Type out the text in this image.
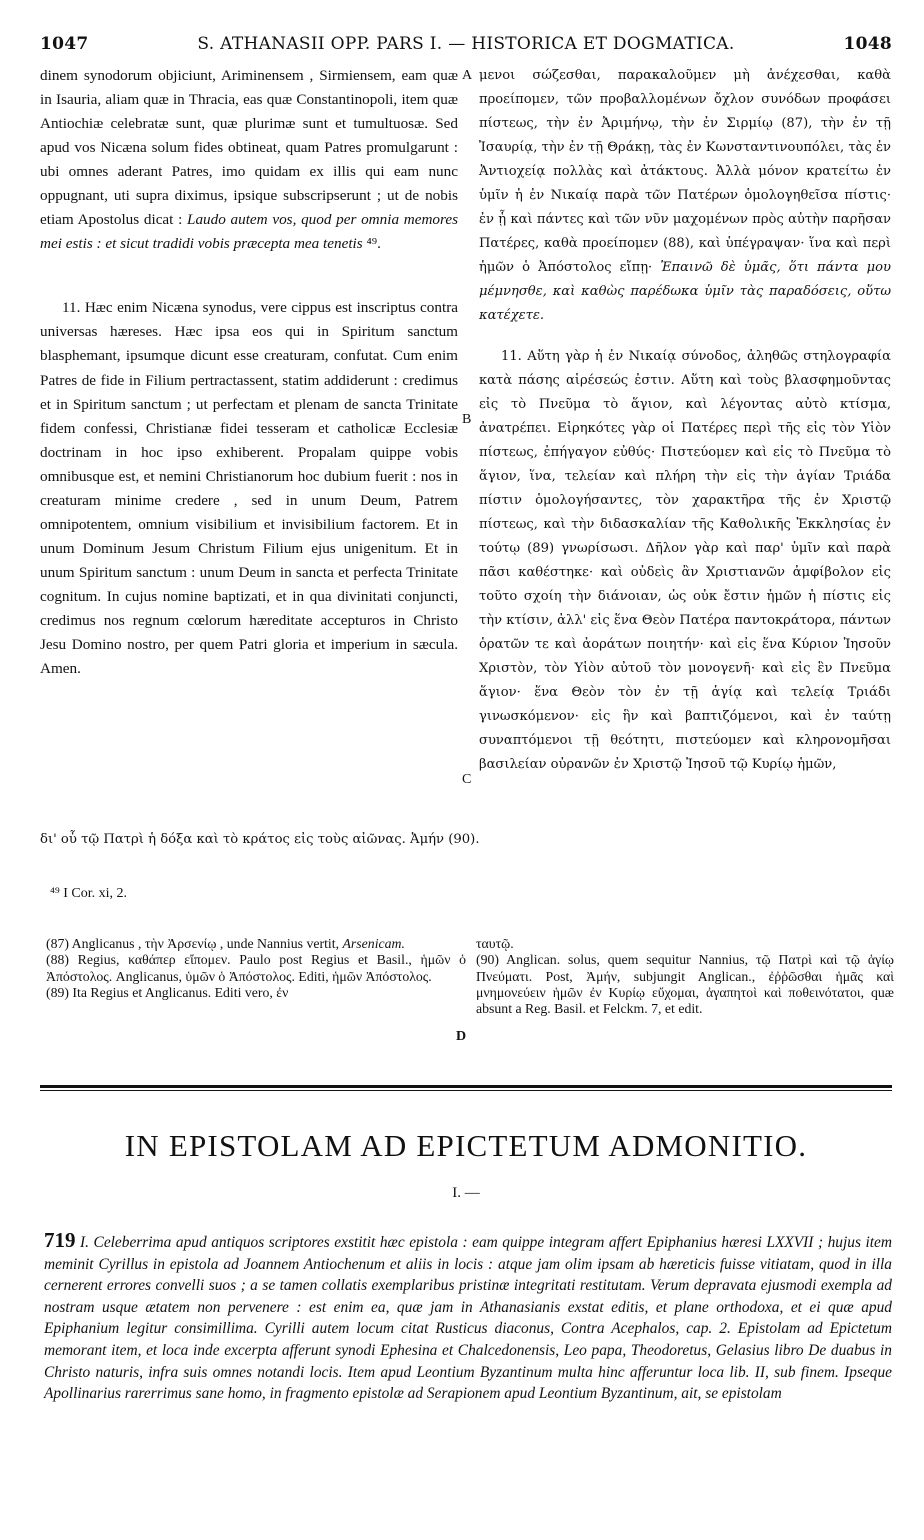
1047	S. ATHANASII OPP. PARS I. — HISTORICA ET DOGMATICA.	1048

dinem synodorum objiciunt, Ariminensem , Sirmiensem, eam quæ in Isauria, aliam quæ in Thracia, eas quæ Constantinopoli, item quæ Antiochiæ celebratæ sunt, quæ plurimæ sunt et tumultuosæ. Sed apud vos Nicæna solum fides obtineat, quam Patres promulgarunt : ubi omnes aderant Patres, imo quidam ex illis qui eam nunc oppugnant, uti supra diximus, ipsique subscripserunt ; ut de nobis etiam Apostolus dicat : Laudo autem vos, quod per omnia memores mei estis : et sicut tradidi vobis præcepta mea tenetis ⁴⁹.

11. Hæc enim Nicæna synodus, vere cippus est inscriptus contra universas hæreses. Hæc ipsa eos qui in Spiritum sanctum blasphemant, ipsumque dicunt esse creaturam, confutat. Cum enim Patres de fide in Filium pertractassent, statim addiderunt : credimus et in Spiritum sanctum ; ut perfectam et plenam de sancta Trinitate fidem confessi, Christianæ fidei tesseram et catholicæ Ecclesiæ doctrinam in hoc ipso exhiberent. Propalam quippe vobis omnibusque est, et nemini Christianorum hoc dubium fuerit : nos in creaturam minime credere , sed in unum Deum, Patrem omnipotentem, omnium visibilium et invisibilium factorem. Et in unum Dominum Jesum Christum Filium ejus unigenitum. Et in unum Spiritum sanctum : unum Deum in sancta et perfecta Trinitate cognitum. In cujus nomine baptizati, et in qua divinitati conjuncti, credimus nos regnum cœlorum hæreditate accepturos in Christo Jesu Domino nostro, per quem Patri gloria et imperium in sæcula. Amen.

μενοι σώζεσθαι, παρακαλοῦμεν μὴ ἀνέχεσθαι, καθὰ προείπομεν, τῶν προβαλλομένων ὄχλον συνόδων προφάσει πίστεως, τὴν ἐν Ἀριμήνῳ, τὴν ἐν Σιρμίῳ (87), τὴν ἐν τῇ Ἰσαυρίᾳ, τὴν ἐν τῇ Θράκῃ, τὰς ἐν Κωνσταντινουπόλει, τὰς ἐν Ἀντιοχείᾳ πολλὰς καὶ ἀτάκτους. Ἀλλὰ μόνον κρατείτω ἐν ὑμῖν ἡ ἐν Νικαίᾳ παρὰ τῶν Πατέρων ὁμολογηθεῖσα πίστις· ἐν ᾗ καὶ πάντες καὶ τῶν νῦν μαχομένων πρὸς αὐτὴν παρῆσαν Πατέρες, καθὰ προείπομεν (88), καὶ ὑπέγραψαν· ἵνα καὶ περὶ ἡμῶν ὁ Ἀπόστολος εἴπῃ· Ἐπαινῶ δὲ ὑμᾶς, ὅτι πάντα μου μέμνησθε, καὶ καθὼς παρέδωκα ὑμῖν τὰς παραδόσεις, οὕτω κατέχετε.

11. Αὕτη γὰρ ἡ ἐν Νικαίᾳ σύνοδος, ἀληθῶς στηλογραφία κατὰ πάσης αἱρέσεώς ἐστιν. Αὕτη καὶ τοὺς βλασφημοῦντας εἰς τὸ Πνεῦμα τὸ ἅγιον, καὶ λέγοντας αὐτὸ κτίσμα, ἀνατρέπει. Εἰρηκότες γὰρ οἱ Πατέρες περὶ τῆς εἰς τὸν Υἱὸν πίστεως, ἐπήγαγον εὐθύς· Πιστεύομεν καὶ εἰς τὸ Πνεῦμα τὸ ἅγιον, ἵνα, τελείαν καὶ πλήρη τὴν εἰς τὴν ἁγίαν Τριάδα πίστιν ὁμολογήσαντες, τὸν χαρακτῆρα τῆς ἐν Χριστῷ πίστεως, καὶ τὴν διδασκαλίαν τῆς Καθολικῆς Ἐκκλησίας ἐν τούτῳ (89) γνωρίσωσι. Δῆλον γὰρ καὶ παρ' ὑμῖν καὶ παρὰ πᾶσι καθέστηκε· καὶ οὐδεὶς ἂν Χριστιανῶν ἀμφίβολον εἰς τοῦτο σχοίη τὴν διάνοιαν, ὡς οὐκ ἔστιν ἡμῶν ἡ πίστις εἰς τὴν κτίσιν, ἀλλ' εἰς ἕνα Θεὸν Πατέρα παντοκράτορα, πάντων ὁρατῶν τε καὶ ἀοράτων ποιητήν· καὶ εἰς ἕνα Κύριον Ἰησοῦν Χριστὸν, τὸν Υἱὸν αὐτοῦ τὸν μονογενῆ· καὶ εἰς ἓν Πνεῦμα ἅγιον· ἕνα Θεὸν τὸν ἐν τῇ ἁγίᾳ καὶ τελείᾳ Τριάδι γινωσκόμενον· εἰς ἣν καὶ βαπτιζόμενοι, καὶ ἐν ταύτῃ συναπτόμενοι τῇ θεότητι, πιστεύομεν καὶ κληρονομῆσαι βασιλείαν οὐρανῶν ἐν Χριστῷ Ἰησοῦ τῷ Κυρίῳ ἡμῶν,

A
B
C
D
δι' οὗ τῷ Πατρὶ ἡ δόξα καὶ τὸ κράτος εἰς τοὺς αἰῶνας. Ἀμήν (90).
⁴⁹ I Cor. xi, 2.
(87) Anglicanus , τὴν Ἀρσενίῳ , unde Nannius vertit, Arsenicam.
(88) Regius, καθάπερ εἴπομεν. Paulo post Regius et Basil., ἡμῶν ὁ Ἀπόστολος. Anglicanus, ὑμῶν ὁ Ἀπόστολος. Editi, ἡμῶν Ἀπόστολος.
(89) Ita Regius et Anglicanus. Editi vero, ἐν
ταυτῷ.
(90) Anglican. solus, quem sequitur Nannius, τῷ Πατρὶ καὶ τῷ ἁγίῳ Πνεύματι. Post, Ἀμήν, subjungit Anglican., ἐῤῥῶσθαι ἡμᾶς καὶ μνημονεύειν ἡμῶν ἐν Κυρίῳ εὔχομαι, ἀγαπητοὶ καὶ ποθεινότατοι, quæ absunt a Reg. Basil. et Felckm. 7, et edit.
IN EPISTOLAM AD EPICTETUM ADMONITIO.
I. —
719 I. Celeberrima apud antiquos scriptores exstitit hæc epistola : eam quippe integram affert Epiphanius hæresi LXXVII ; hujus item meminit Cyrillus in epistola ad Joannem Antiochenum et aliis in locis : atque jam olim ipsam ab hæreticis fuisse vitiatam, quod in illa cernerent errores convelli suos ; a se tamen collatis exemplaribus pristinæ integritati restitutam. Verum depravata ejusmodi exempla ad nostram usque ætatem non pervenere : est enim ea, quæ jam in Athanasianis exstat editis, et plane orthodoxa, et ei quæ apud Epiphanium legitur consimillima. Cyrilli autem locum citat Rusticus diaconus, Contra Acephalos, cap. 2. Epistolam ad Epictetum memorant item, et loca inde excerpta afferunt synodi Ephesina et Chalcedonensis, Leo papa, Theodoretus, Gelasius libro De duabus in Christo naturis, infra suis omnes notandi locis. Item apud Leontium Byzantinum multa hinc afferuntur loca lib. II, sub finem. Ipseque Apollinarius rarerrimus sane homo, in fragmento epistolæ ad Serapionem apud Leontium Byzantinum, ait, se epistolam
